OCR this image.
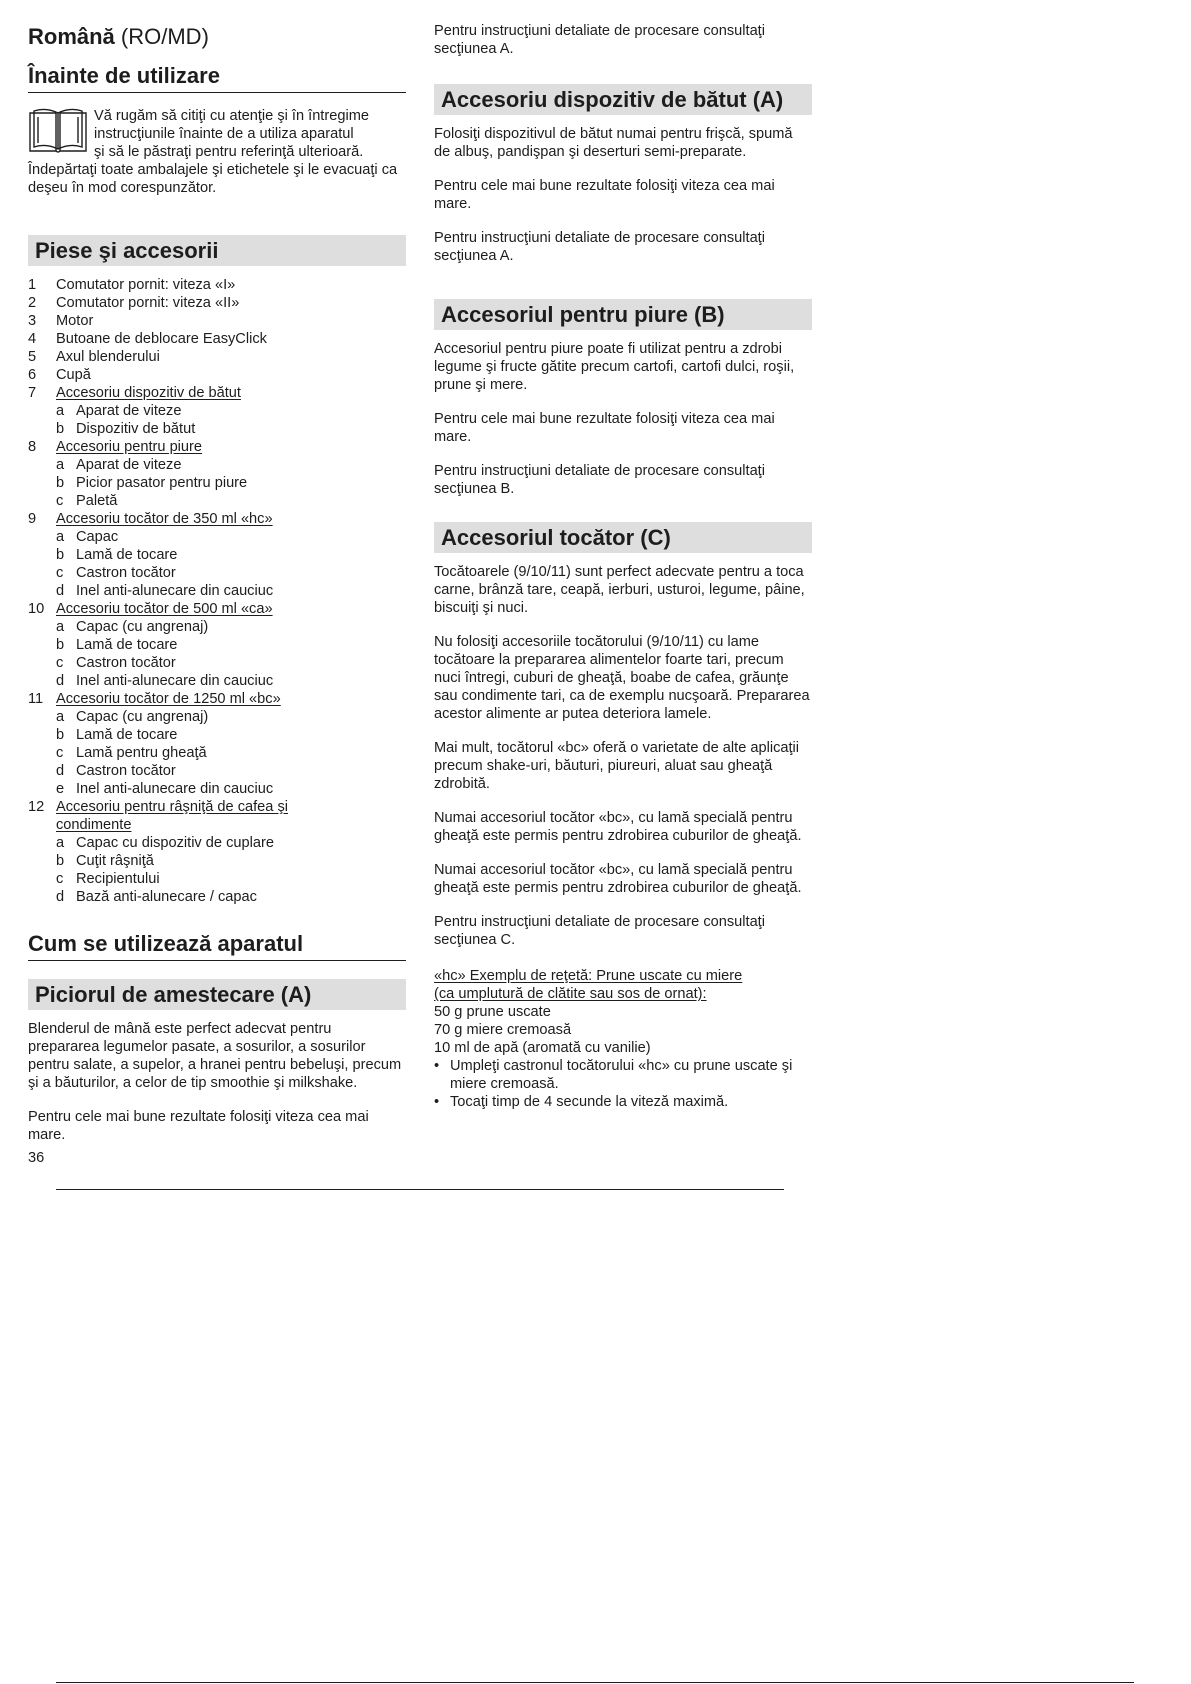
Română (RO/MD)
Înainte de utilizare

Vă rugăm să citiţi cu atenţie şi în întregime

instrucţiunile înainte de a utiliza aparatul

şi să le păstraţi pentru referinţă ulterioară.

Îndepărtaţi toate ambalajele şi etichetele şi le evacuaţi ca deşeu în mod corespunzător.

Piese şi accesorii
1	Comutator pornit: viteza «I»
2	Comutator pornit: viteza «II»
3	Motor
4	Butoane de deblocare EasyClick
5	Axul blenderului
6	Cupă
7	Accesoriu dispozitiv de bătut
a Aparat de viteze
b Dispozitiv de bătut
8	Accesoriu pentru piure
a Aparat de viteze
b Picior pasator pentru piure
c Paletă
9	Accesoriu tocător de 350 ml «hc»
a Capac
b Lamă de tocare
c Castron tocător
d Inel anti-alunecare din cauciuc
10 Accesoriu tocător de 500 ml «ca»
a Capac (cu angrenaj)
b Lamă de tocare
c Castron tocător
d Inel anti-alunecare din cauciuc
11 Accesoriu tocător de 1250 ml «bc»
a Capac (cu angrenaj)
b Lamă de tocare
c Lamă pentru gheaţă
d Castron tocător
e Inel anti-alunecare din cauciuc
12 Accesoriu pentru râşniţă de cafea şi
condimente
a Capac cu dispozitiv de cuplare
b Cuţit râşniţă
c Recipientului
d Bază anti-alunecare / capac
Cum se utilizează aparatul
Piciorul de amestecare (A)

Blenderul de mână este perfect adecvat pentru prepararea legumelor pasate, a sosurilor, a sosurilor pentru salate, a supelor, a hranei pentru bebeluşi, precum şi a băuturilor, a celor de tip smoothie şi milkshake.

Pentru cele mai bune rezultate folosiţi viteza cea mai mare.

Pentru instrucţiuni detaliate de procesare consultaţi secţiunea A.

Accesoriu dispozitiv de bătut (A)

Folosiţi dispozitivul de bătut numai pentru frişcă, spumă de albuş, pandişpan şi deserturi semi-preparate.

Pentru cele mai bune rezultate folosiţi viteza cea mai mare.

Pentru instrucţiuni detaliate de procesare consultaţi secţiunea A.

Accesoriul pentru piure (B)

Accesoriul pentru piure poate fi utilizat pentru a zdrobi legume şi fructe gătite precum cartofi, cartofi dulci, roşii, prune şi mere.

Pentru cele mai bune rezultate folosiţi viteza cea mai mare.

Pentru instrucţiuni detaliate de procesare consultaţi secţiunea B.

Accesoriul tocător (C)

Tocătoarele (9/10/11) sunt perfect adecvate pentru a toca carne, brânză tare, ceapă, ierburi, usturoi, legume, pâine, biscuiţi şi nuci.

Nu folosiţi accesoriile tocătorului (9/10/11) cu lame tocătoare la prepararea alimentelor foarte tari, precum nuci întregi, cuburi de gheaţă, boabe de cafea, grăunţe sau condimente tari, ca de exemplu nucşoară. Prepararea acestor alimente ar putea deteriora lamele.

Mai mult, tocătorul «bc» oferă o varietate de alte aplicaţii precum shake-uri, băuturi, piureuri, aluat sau gheaţă zdrobită.

Numai accesoriul tocător «bc», cu lamă specială pentru gheaţă este permis pentru zdrobirea cuburilor de gheaţă.

Numai accesoriul tocător «bc», cu lamă specială pentru gheaţă este permis pentru zdrobirea cuburilor de gheaţă.

Pentru instrucţiuni detaliate de procesare consultaţi secţiunea C.

«hc» Exemplu de reţetă: Prune uscate cu miere

(ca umplutură de clătite sau sos de ornat):

50 g prune uscate

70 g miere cremoasă

10 ml de apă (aromată cu vanilie)

• Umpleţi castronul tocătorului «hc» cu prune uscate şi miere cremoasă.
• Tocaţi timp de 4 secunde la viteză maximă.
36
